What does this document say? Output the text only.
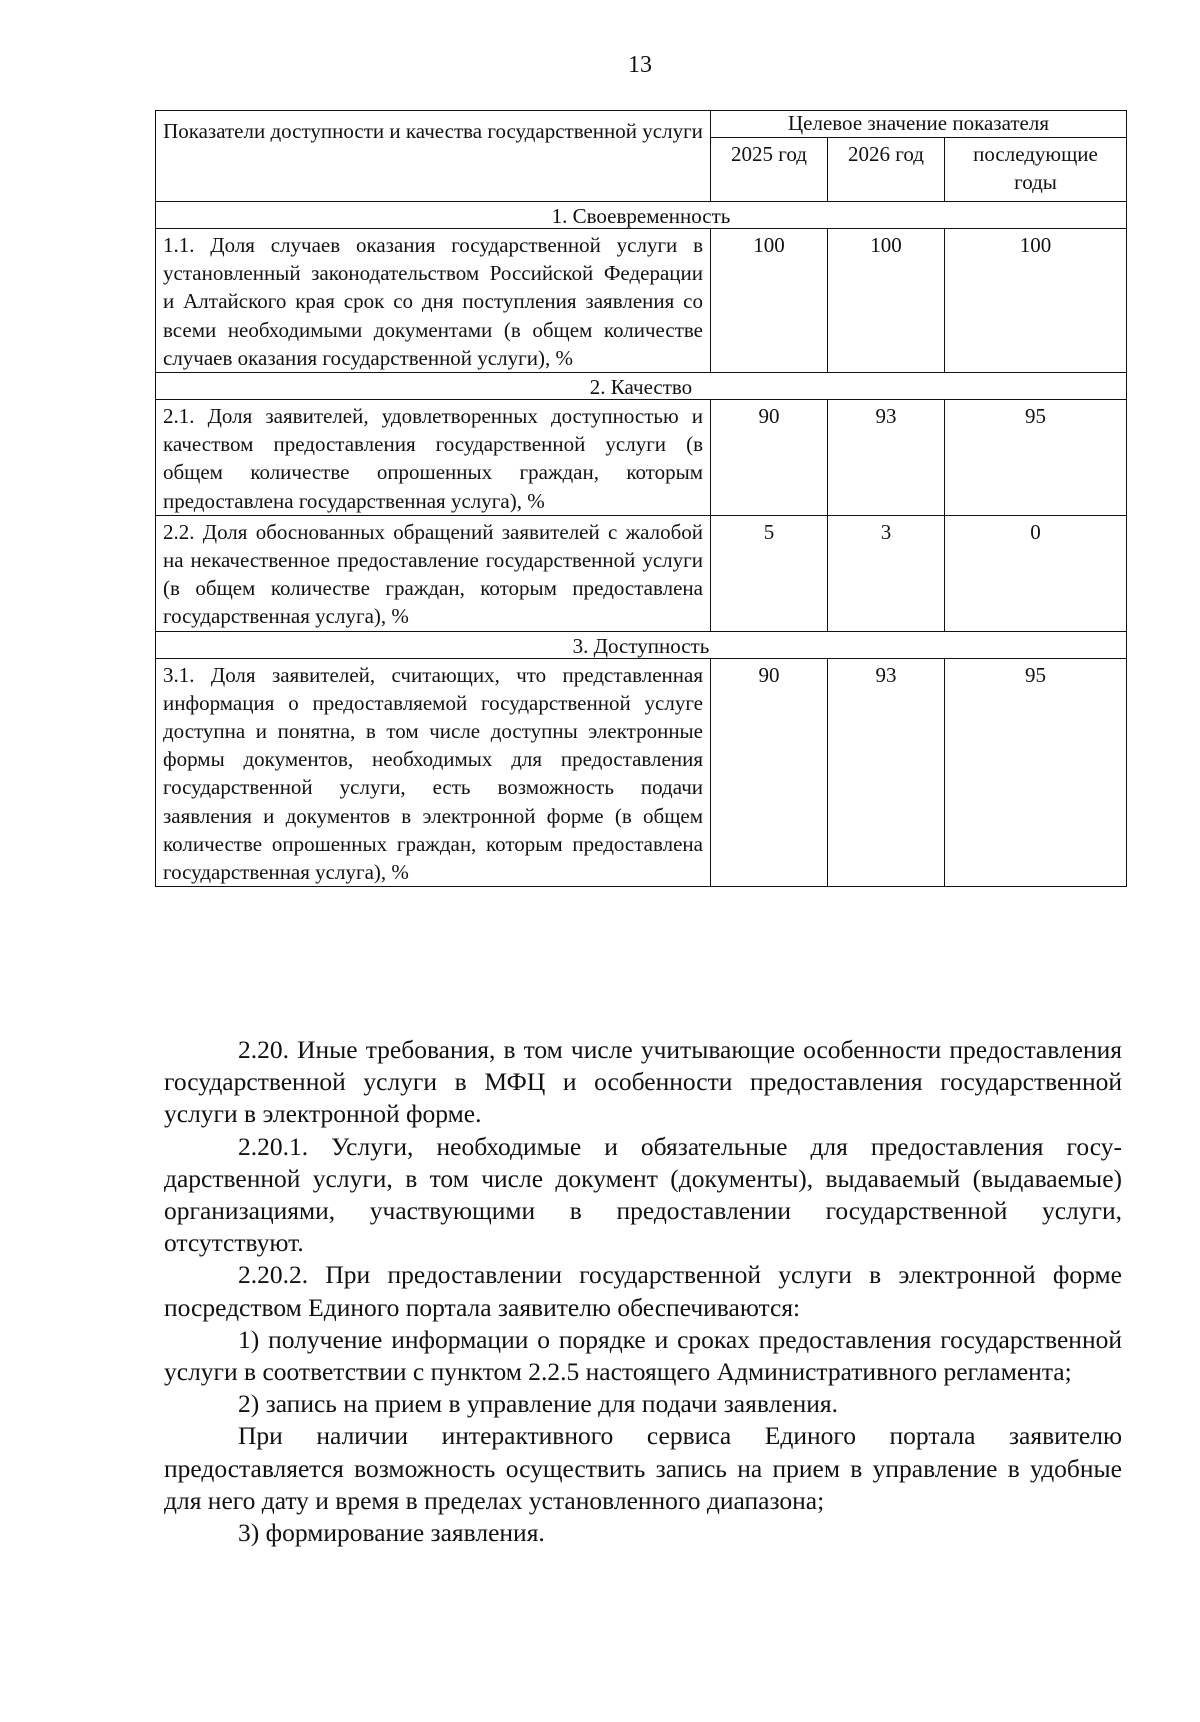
13
Показатели доступности и качества государственной услуги	Целевое значение показателя		
	2025 год	2026 год	последующие годы
1. Своевременность			
1.1. Доля случаев оказания государственной услуги в установленный законодательством Российской Федерации и Алтайского края срок со дня поступления заявления со всеми необходимыми документами (в общем количестве случаев оказания государственной услуги), %	100	100	100
2. Качество			
2.1. Доля заявителей, удовлетворенных доступностью и качеством предоставления государственной услуги (в общем количестве опрошенных граждан, которым предоставлена государственная услуга), %	90	93	95
2.2. Доля обоснованных обращений заявителей с жалобой на некачественное предоставление государственной услуги (в общем количестве граждан, которым предоставлена государственная услуга), %	5	3	0
3. Доступность			
3.1. Доля заявителей, считающих, что представленная информация о предоставляемой государственной услуге доступна и понятна, в том числе доступны электронные формы документов, необходимых для предоставления государственной услуги, есть возможность подачи заявления и документов в электронной форме (в общем количестве опрошенных граждан, которым предоставлена государственная услуга), %	90	93	95

2.20. Иные требования, в том числе учитывающие особенности предоставления государственной услуги в МФЦ и особенности предоставления государственной услуги в электронной форме.

2.20.1. Услуги, необходимые и обязательные для предоставления государственной услуги, в том числе документ (документы), выдаваемый (выдаваемые) организациями, участвующими в предоставлении государственной услуги, отсутствуют.

2.20.2. При предоставлении государственной услуги в электронной форме посредством Единого портала заявителю обеспечиваются:

1) получение информации о порядке и сроках предоставления государственной услуги в соответствии с пунктом 2.2.5 настоящего Административного регламента;

2) запись на прием в управление для подачи заявления.

При наличии интерактивного сервиса Единого портала заявителю предоставляется возможность осуществить запись на прием в управление в удобные для него дату и время в пределах установленного диапазона;

3) формирование заявления.
